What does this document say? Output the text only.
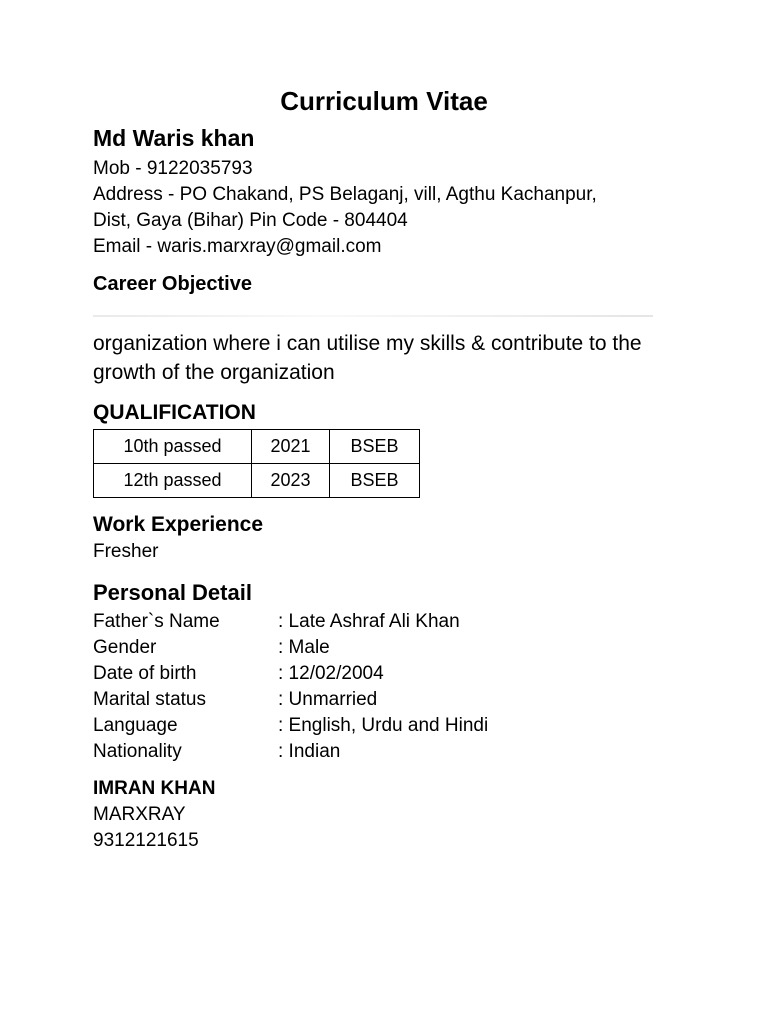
Curriculum Vitae
Md Waris khan
Mob - 9122035793
Address - PO Chakand, PS Belaganj, vill, Agthu Kachanpur,
Dist, Gaya (Bihar) Pin Code - 804404
Email - waris.marxray@gmail.com
Career Objective
organization where i can utilise my skills & contribute to the growth of the organization
QUALIFICATION
10th passed	2021	BSEB
12th passed	2023	BSEB
Work Experience
Fresher
Personal Detail
Father`s Name	: Late Ashraf Ali Khan
Gender	: Male
Date of birth	: 12/02/2004
Marital status	: Unmarried
Language	: English, Urdu and Hindi
Nationality	: Indian
IMRAN KHAN
MARXRAY
9312121615
